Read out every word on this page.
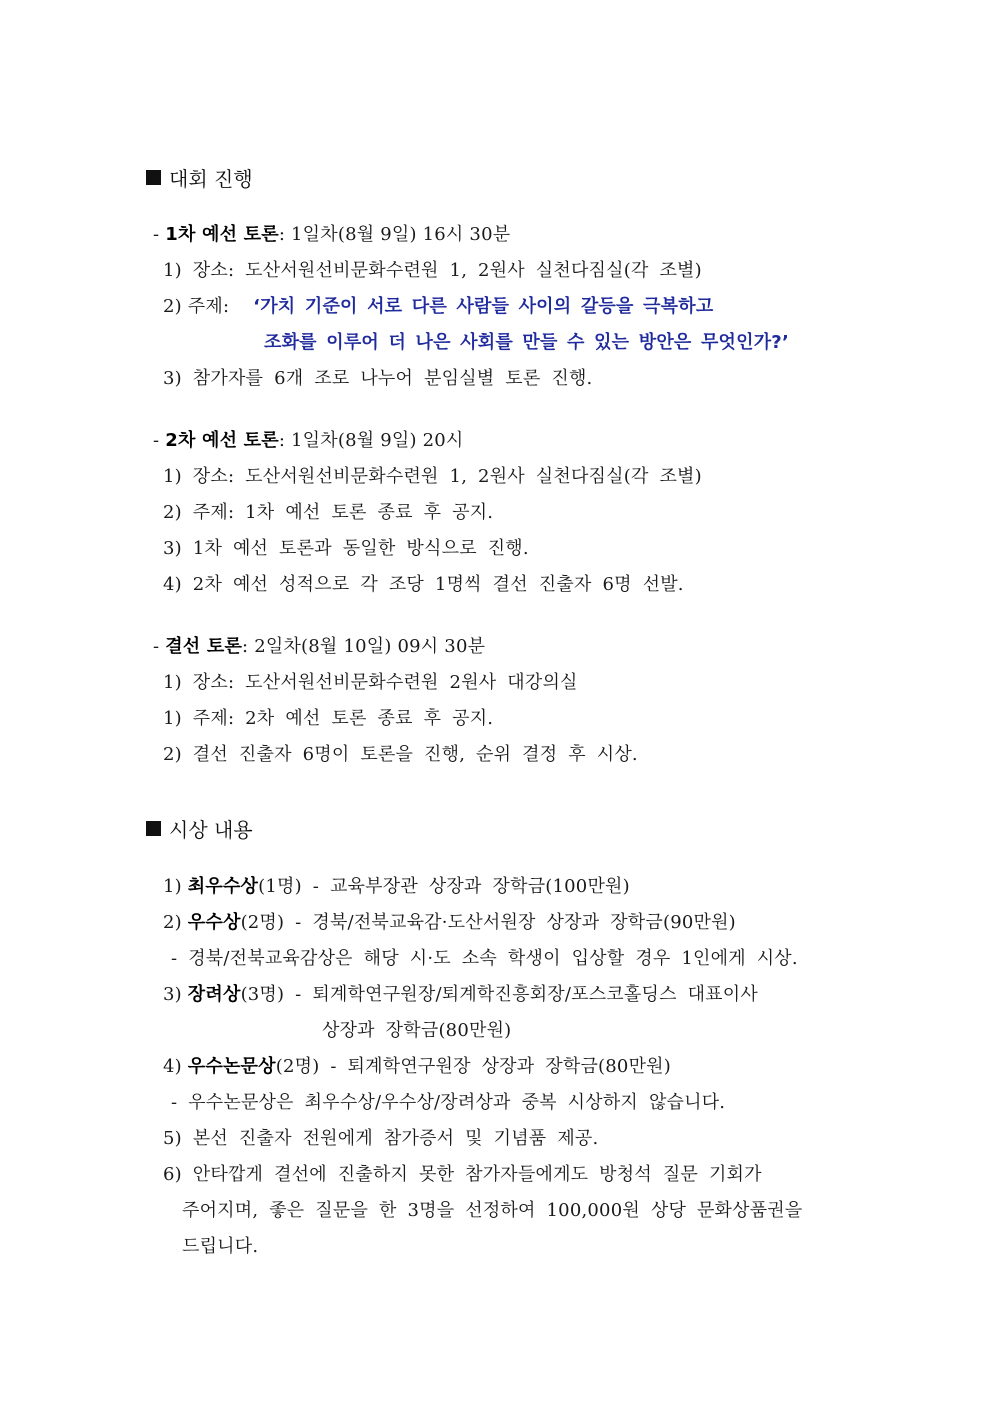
대회 진행
- 1차 예선 토론: 1일차(8월 9일) 16시 30분
1) 장소: 도산서원선비문화수련원 1, 2원사 실천다짐실(각 조별)
2) 주제: ‘가치 기준이 서로 다른 사람들 사이의 갈등을 극복하고
조화를 이루어 더 나은 사회를 만들 수 있는 방안은 무엇인가?’
3) 참가자를 6개 조로 나누어 분임실별 토론 진행.
- 2차 예선 토론: 1일차(8월 9일) 20시
1) 장소: 도산서원선비문화수련원 1, 2원사 실천다짐실(각 조별)
2) 주제: 1차 예선 토론 종료 후 공지.
3) 1차 예선 토론과 동일한 방식으로 진행.
4) 2차 예선 성적으로 각 조당 1명씩 결선 진출자 6명 선발.
- 결선 토론: 2일차(8월 10일) 09시 30분
1) 장소: 도산서원선비문화수련원 2원사 대강의실
1) 주제: 2차 예선 토론 종료 후 공지.
2) 결선 진출자 6명이 토론을 진행, 순위 결정 후 시상.
시상 내용
1) 최우수상(1명) - 교육부장관 상장과 장학금(100만원)
2) 우수상(2명) - 경북/전북교육감·도산서원장 상장과 장학금(90만원)
- 경북/전북교육감상은 해당 시·도 소속 학생이 입상할 경우 1인에게 시상.
3) 장려상(3명) - 퇴계학연구원장/퇴계학진흥회장/포스코홀딩스 대표이사
상장과 장학금(80만원)
4) 우수논문상(2명) - 퇴계학연구원장 상장과 장학금(80만원)
- 우수논문상은 최우수상/우수상/장려상과 중복 시상하지 않습니다.
5) 본선 진출자 전원에게 참가증서 및 기념품 제공.
6) 안타깝게 결선에 진출하지 못한 참가자들에게도 방청석 질문 기회가
주어지며, 좋은 질문을 한 3명을 선정하여 100,000원 상당 문화상품권을
드립니다.
